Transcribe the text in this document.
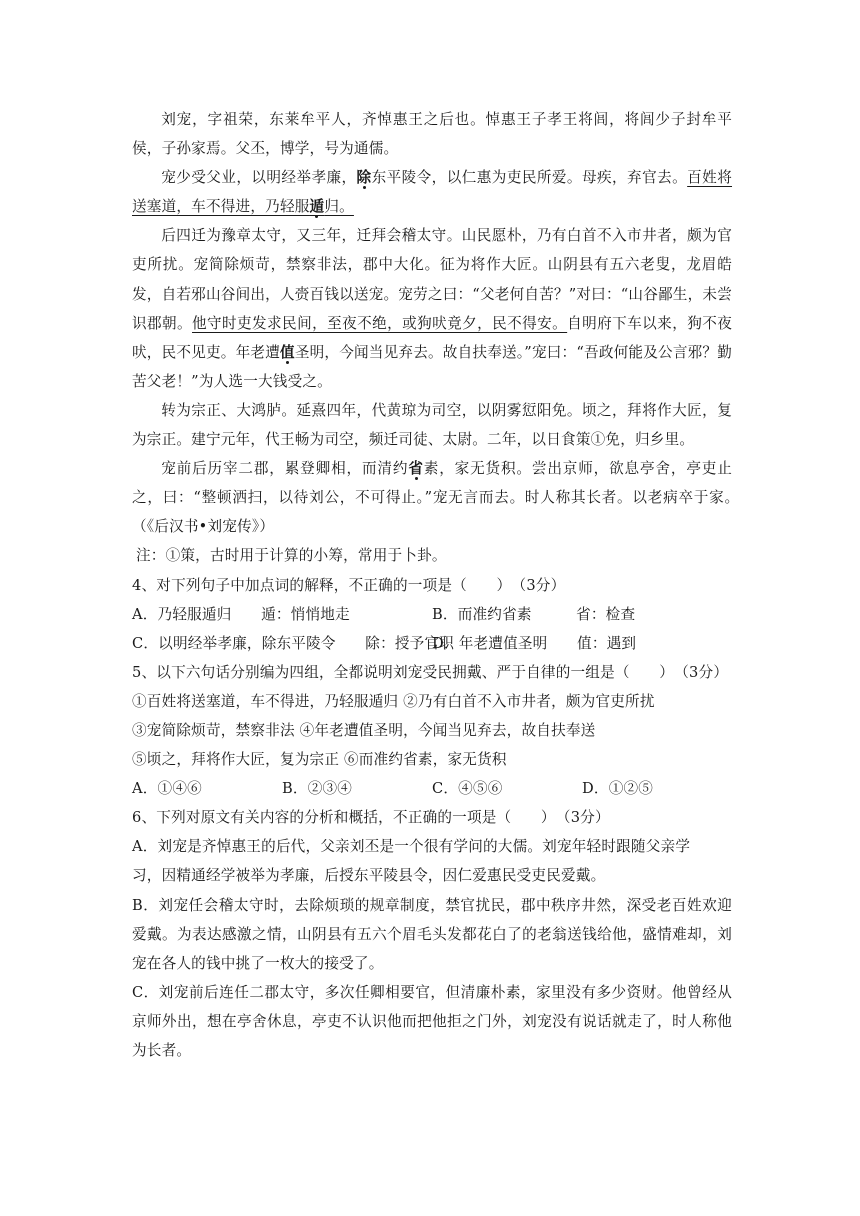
刘宠，字祖荣，东莱牟平人，齐悼惠王之后也。悼惠王子孝王将闾，将闾少子封牟平侯，子孙家焉。父丕，博学，号为通儒。

宠少受父业，以明经举孝廉，除东平陵令，以仁惠为吏民所爱。母疾，弃官去。百姓将送塞道，车不得进，乃轻服遁归。

后四迁为豫章太守，又三年，迁拜会稽太守。山民愿朴，乃有白首不入市井者，颇为官吏所扰。宠简除烦苛，禁察非法，郡中大化。征为将作大匠。山阴县有五六老叟，龙眉皓发，自若邪山谷间出，人赍百钱以送宠。宠劳之曰：“父老何自苦？”对曰：“山谷鄙生，未尝识郡朝。他守时吏发求民间，至夜不绝，或狗吠竟夕，民不得安。自明府下车以来，狗不夜吠，民不见吏。年老遭值圣明，今闻当见弃去。故自扶奉送。”宠曰：“吾政何能及公言邪？勤苦父老！”为人选一大钱受之。

转为宗正、大鸿胪。延熹四年，代黄琼为司空，以阴雾愆阳免。顷之，拜将作大匠，复为宗正。建宁元年，代王畅为司空，频迁司徒、太尉。二年，以日食策①免，归乡里。

宠前后历宰二郡，累登卿相，而清约省素，家无货积。尝出京师，欲息亭舍，亭吏止之，曰：“整顿洒扫，以待刘公，不可得止。”宠无言而去。时人称其长者。以老病卒于家。　　（《后汉书•刘宠传》）

注：①策，古时用于计算的小筹，常用于卜卦。

4、对下列句子中加点词的解释，不正确的一项是（　　）　（3分）

A．乃轻服遁归　　遁：悄悄地走	B．而准约省素　　　省：检查
C．以明经举孝廉，除东平陵令　　除：授予官职
D．年老遭值圣明　　值：遇到

5、以下六句话分别编为四组，全都说明刘宠受民拥戴、严于自律的一组是（　　）　（3分）

①百姓将送塞道，车不得进，乃轻服遁归 ②乃有白首不入市井者，颇为官吏所扰

③宠简除烦苛，禁察非法 ④年老遭值圣明，今闻当见弃去，故自扶奉送

⑤顷之，拜将作大匠，复为宗正 ⑥而准约省素，家无货积

A．①④⑥	B．②③④	C．④⑤⑥	D．①②⑤

6、下列对原文有关内容的分析和概括，不正确的一项是（　　）　（3分）

A．刘宠是齐悼惠王的后代，父亲刘丕是一个很有学问的大儒。刘宠年轻时跟随父亲学

习，因精通经学被举为孝廉，后授东平陵县令，因仁爱惠民受吏民爱戴。

B．刘宠任会稽太守时，去除烦琐的规章制度，禁官扰民，郡中秩序井然，深受老百姓欢迎爱戴。为表达感激之情，山阴县有五六个眉毛头发都花白了的老翁送钱给他，盛情难却，刘宠在各人的钱中挑了一枚大的接受了。

C．刘宠前后连任二郡太守，多次任卿相要官，但清廉朴素，家里没有多少资财。他曾经从京师外出，想在亭舍休息，亭吏不认识他而把他拒之门外，刘宠没有说话就走了，时人称他为长者。
